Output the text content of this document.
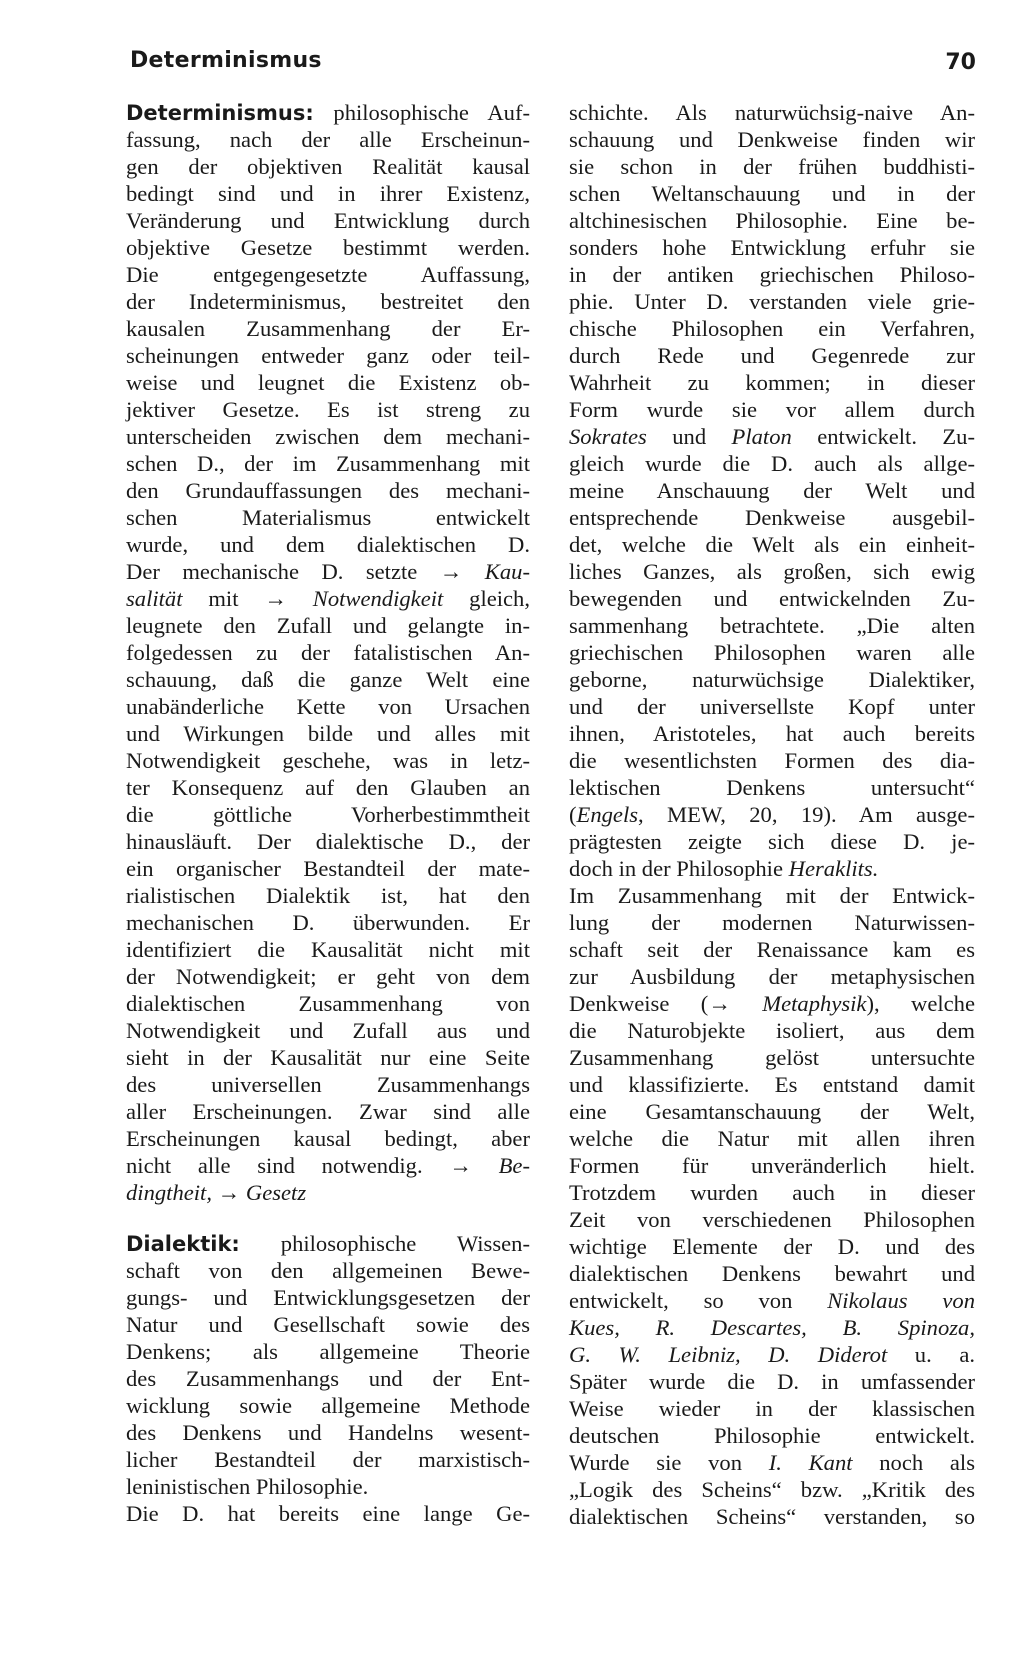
Determinismus	70
Determinismus: philosophische Auf-
fassung, nach der alle Erscheinun-
gen der objektiven Realität kausal
bedingt sind und in ihrer Existenz,
Veränderung und Entwicklung durch
objektive Gesetze bestimmt werden.
Die entgegengesetzte Auffassung,
der Indeterminismus, bestreitet den
kausalen Zusammenhang der Er-
scheinungen entweder ganz oder teil-
weise und leugnet die Existenz ob-
jektiver Gesetze. Es ist streng zu
unterscheiden zwischen dem mechani-
schen D., der im Zusammenhang mit
den Grundauffassungen des mechani-
schen Materialismus entwickelt
wurde, und dem dialektischen D.
Der mechanische D. setzte → Kau-
salität mit → Notwendigkeit gleich,
leugnete den Zufall und gelangte in-
folgedessen zu der fatalistischen An-
schauung, daß die ganze Welt eine
unabänderliche Kette von Ursachen
und Wirkungen bilde und alles mit
Notwendigkeit geschehe, was in letz-
ter Konsequenz auf den Glauben an
die göttliche Vorherbestimmtheit
hinausläuft. Der dialektische D., der
ein organischer Bestandteil der mate-
rialistischen Dialektik ist, hat den
mechanischen D. überwunden. Er
identifiziert die Kausalität nicht mit
der Notwendigkeit; er geht von dem
dialektischen Zusammenhang von
Notwendigkeit und Zufall aus und
sieht in der Kausalität nur eine Seite
des universellen Zusammenhangs
aller Erscheinungen. Zwar sind alle
Erscheinungen kausal bedingt, aber
nicht alle sind notwendig. → Be-
dingtheit, → Gesetz
Dialektik: philosophische Wissen-
schaft von den allgemeinen Bewe-
gungs- und Entwicklungsgesetzen der
Natur und Gesellschaft sowie des
Denkens; als allgemeine Theorie
des Zusammenhangs und der Ent-
wicklung sowie allgemeine Methode
des Denkens und Handelns wesent-
licher Bestandteil der marxistisch-
leninistischen Philosophie.
Die D. hat bereits eine lange Ge-
schichte. Als naturwüchsig-naive An-
schauung und Denkweise finden wir
sie schon in der frühen buddhisti-
schen Weltanschauung und in der
altchinesischen Philosophie. Eine be-
sonders hohe Entwicklung erfuhr sie
in der antiken griechischen Philoso-
phie. Unter D. verstanden viele grie-
chische Philosophen ein Verfahren,
durch Rede und Gegenrede zur
Wahrheit zu kommen; in dieser
Form wurde sie vor allem durch
Sokrates und Platon entwickelt. Zu-
gleich wurde die D. auch als allge-
meine Anschauung der Welt und
entsprechende Denkweise ausgebil-
det, welche die Welt als ein einheit-
liches Ganzes, als großen, sich ewig
bewegenden und entwickelnden Zu-
sammenhang betrachtete. „Die alten
griechischen Philosophen waren alle
geborne, naturwüchsige Dialektiker,
und der universellste Kopf unter
ihnen, Aristoteles, hat auch bereits
die wesentlichsten Formen des dia-
lektischen Denkens untersucht“
(Engels, MEW, 20, 19). Am ausge-
prägtesten zeigte sich diese D. je-
doch in der Philosophie Heraklits.
Im Zusammenhang mit der Entwick-
lung der modernen Naturwissen-
schaft seit der Renaissance kam es
zur Ausbildung der metaphysischen
Denkweise (→ Metaphysik), welche
die Naturobjekte isoliert, aus dem
Zusammenhang gelöst untersuchte
und klassifizierte. Es entstand damit
eine Gesamtanschauung der Welt,
welche die Natur mit allen ihren
Formen für unveränderlich hielt.
Trotzdem wurden auch in dieser
Zeit von verschiedenen Philosophen
wichtige Elemente der D. und des
dialektischen Denkens bewahrt und
entwickelt, so von Nikolaus von
Kues, R. Descartes, B. Spinoza,
G. W. Leibniz, D. Diderot u. a.
Später wurde die D. in umfassender
Weise wieder in der klassischen
deutschen Philosophie entwickelt.
Wurde sie von I. Kant noch als
„Logik des Scheins“ bzw. „Kritik des
dialektischen Scheins“ verstanden, so
